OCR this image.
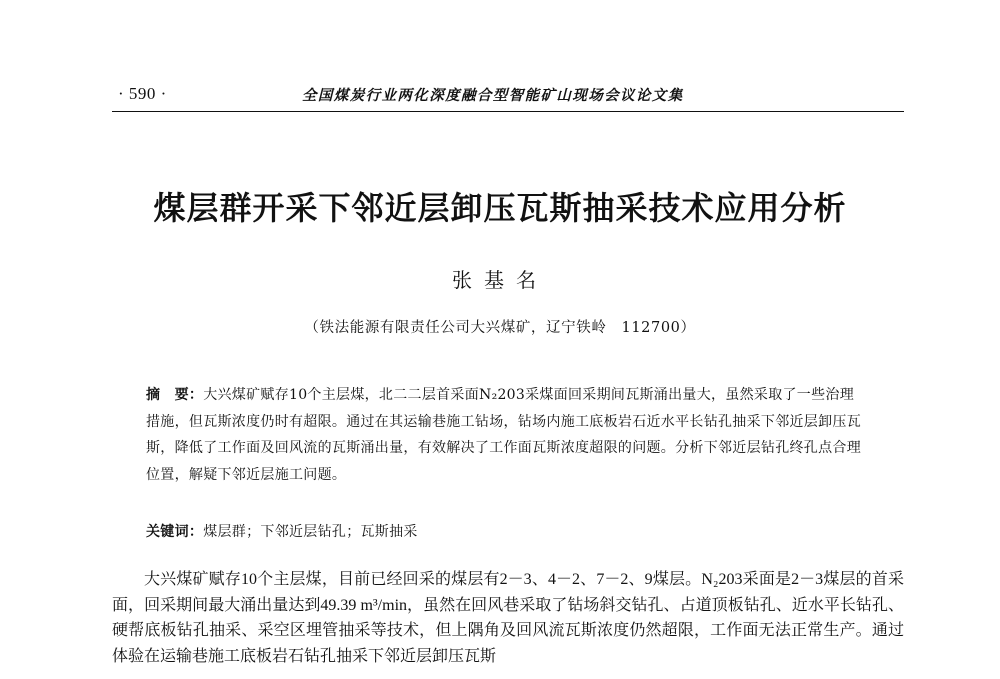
· 590 ·	全国煤炭行业两化深度融合型智能矿山现场会议论文集
煤层群开采下邻近层卸压瓦斯抽采技术应用分析
张基名
（铁法能源有限责任公司大兴煤矿，辽宁铁岭　112700）

摘　要：大兴煤矿赋存10个主层煤，北二二层首采面N₂203采煤面回采期间瓦斯涌出量大，虽然采取了一些治理措施，但瓦斯浓度仍时有超限。通过在其运输巷施工钻场，钻场内施工底板岩石近水平长钻孔抽采下邻近层卸压瓦斯，降低了工作面及回风流的瓦斯涌出量，有效解决了工作面瓦斯浓度超限的问题。分析下邻近层钻孔终孔点合理位置，解疑下邻近层施工问题。

关键词：煤层群；下邻近层钻孔；瓦斯抽采

大兴煤矿赋存10个主层煤，目前已经回采的煤层有2－3、4－2、7－2、9煤层。N₂203采面是2－3煤层的首采面，回采期间最大涌出量达到49.39 m³/min，虽然在回风巷采取了钻场斜交钻孔、占道顶板钻孔、近水平长钻孔、硬帮底板钻孔抽采、采空区埋管抽采等技术，但上隅角及回风流瓦斯浓度仍然超限，工作面无法正常生产。通过体验在运输巷施工底板岩石钻孔抽采下邻近层卸压瓦斯
